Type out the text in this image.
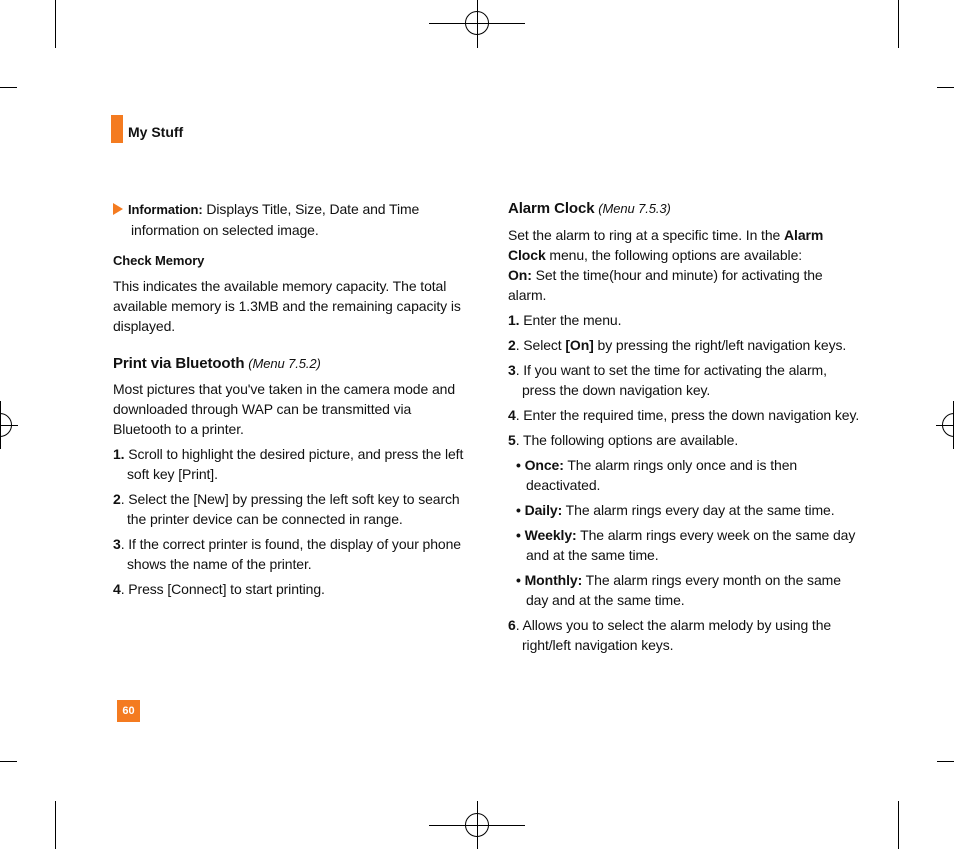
My Stuff

Information: Displays Title, Size, Date and Time information on selected image.

Check Memory

This indicates the available memory capacity. The total available memory is 1.3MB and the remaining capacity is displayed.

Print via Bluetooth (Menu 7.5.2)

Most pictures that you've taken in the camera mode and downloaded through WAP can be transmitted via Bluetooth to a printer.

1. Scroll to highlight the desired picture, and press the left soft key [Print].

2. Select the [New] by pressing the left soft key to search the printer device can be connected in range.

3. If the correct printer is found, the display of your phone shows the name of the printer.

4. Press [Connect] to start printing.

Alarm Clock (Menu 7.5.3)

Set the alarm to ring at a specific time. In the Alarm Clock menu, the following options are available:

On: Set the time(hour and minute) for activating the alarm.

1. Enter the menu.

2. Select [On] by pressing the right/left navigation keys.

3. If you want to set the time for activating the alarm, press the down navigation key.

4. Enter the required time, press the down navigation key.

5. The following options are available.

• Once: The alarm rings only once and is then deactivated.

• Daily: The alarm rings every day at the same time.

• Weekly: The alarm rings every week on the same day and at the same time.

• Monthly: The alarm rings every month on the same day and at the same time.

6. Allows you to select the alarm melody by using the right/left navigation keys.

60
